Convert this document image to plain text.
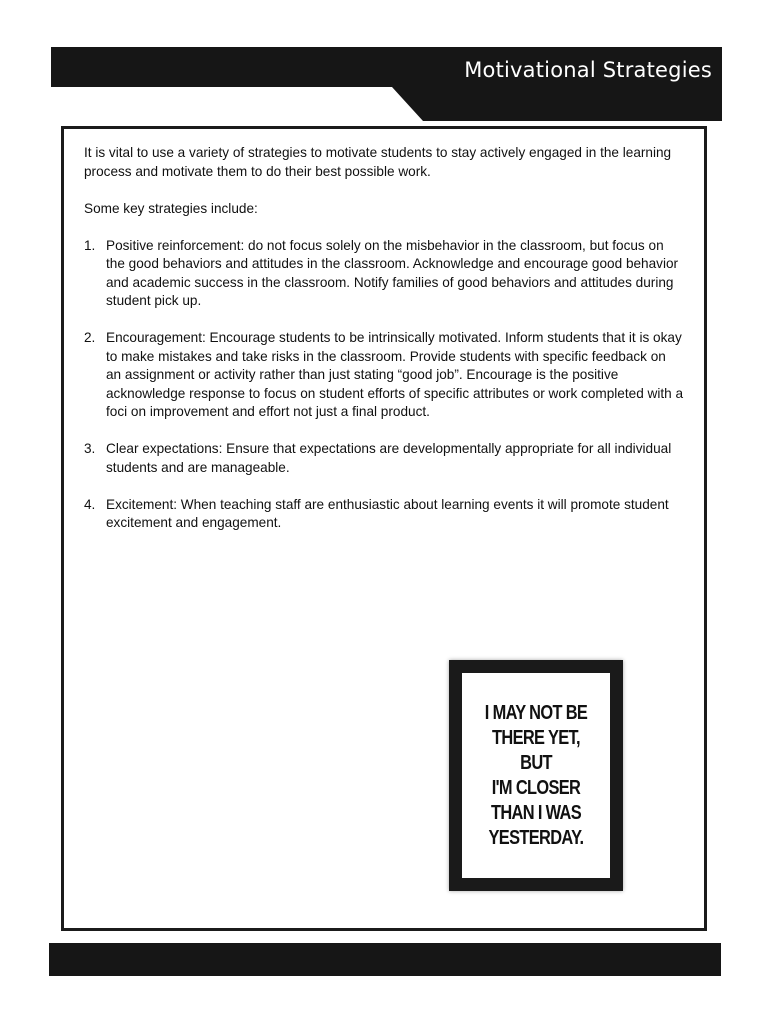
Motivational Strategies

It is vital to use a variety of strategies to motivate students to stay actively engaged in the learning process and motivate them to do their best possible work.

Some key strategies include:

1. Positive reinforcement: do not focus solely on the misbehavior in the classroom, but focus on the good behaviors and attitudes in the classroom. Acknowledge and encourage good behavior and academic success in the classroom. Notify families of good behaviors and attitudes during student pick up.
2. Encouragement: Encourage students to be intrinsically motivated. Inform students that it is okay to make mistakes and take risks in the classroom. Provide students with specific feedback on an assignment or activity rather than just stating “good job”. Encourage is the positive acknowledge response to focus on student efforts of specific attributes or work completed with a foci on improvement and effort not just a final product.
3. Clear expectations: Ensure that expectations are developmentally appropriate for all individual students and are manageable.
4. Excitement: When teaching staff are enthusiastic about learning events it will promote student excitement and engagement.
I MAY NOT BE
THERE YET, BUT
I'M CLOSER
THAN I WAS
YESTERDAY.
